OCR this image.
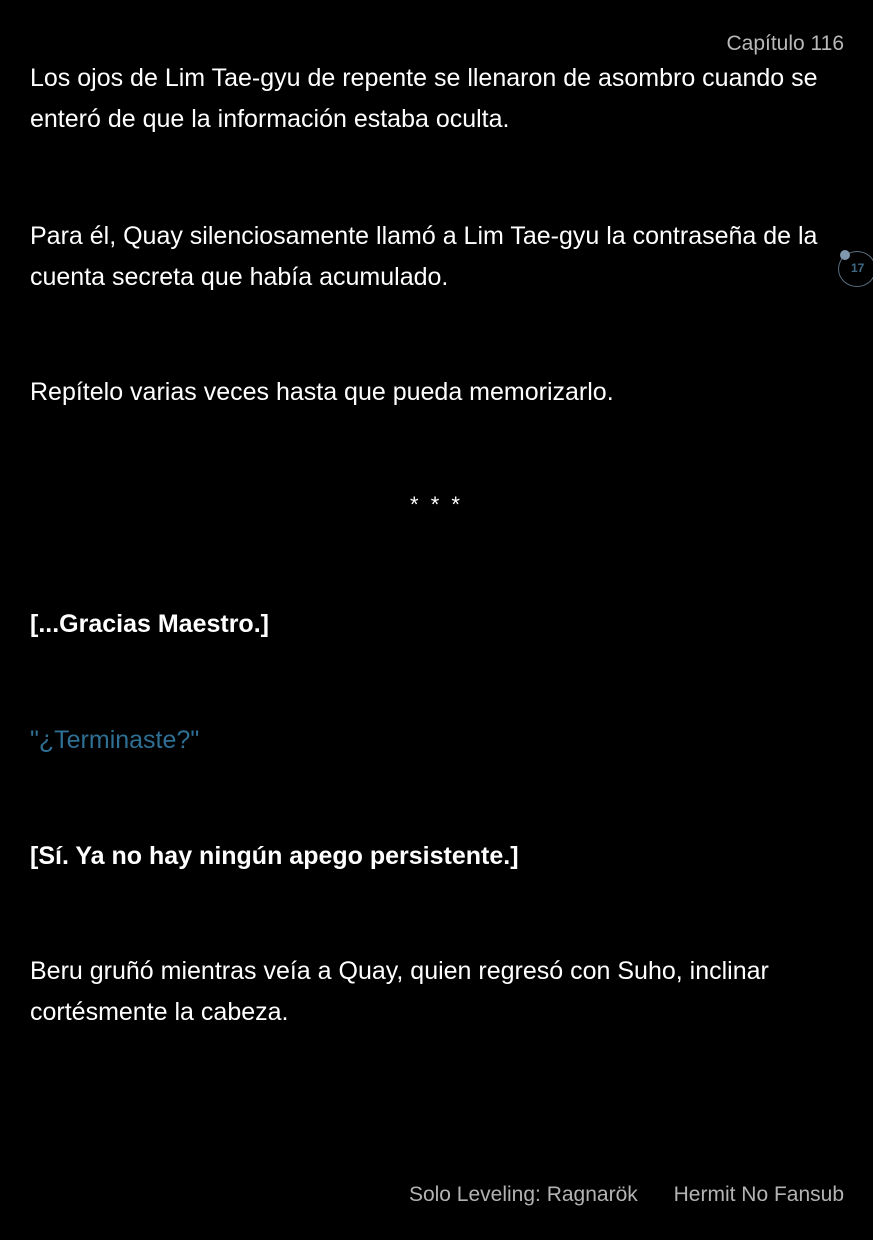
Capítulo 116

Los ojos de Lim Tae-gyu de repente se llenaron de asombro cuando se enteró de que la información estaba oculta.

Para él, Quay silenciosamente llamó a Lim Tae-gyu la contraseña de la cuenta secreta que había acumulado.

Repítelo varias veces hasta que pueda memorizarlo.

* * *

[...Gracias Maestro.]

"¿Terminaste?"

[Sí. Ya no hay ningún apego persistente.]

Beru gruñó mientras veía a Quay, quien regresó con Suho, inclinar cortésmente la cabeza.

17
Solo Leveling: Ragnarök Hermit No Fansub
